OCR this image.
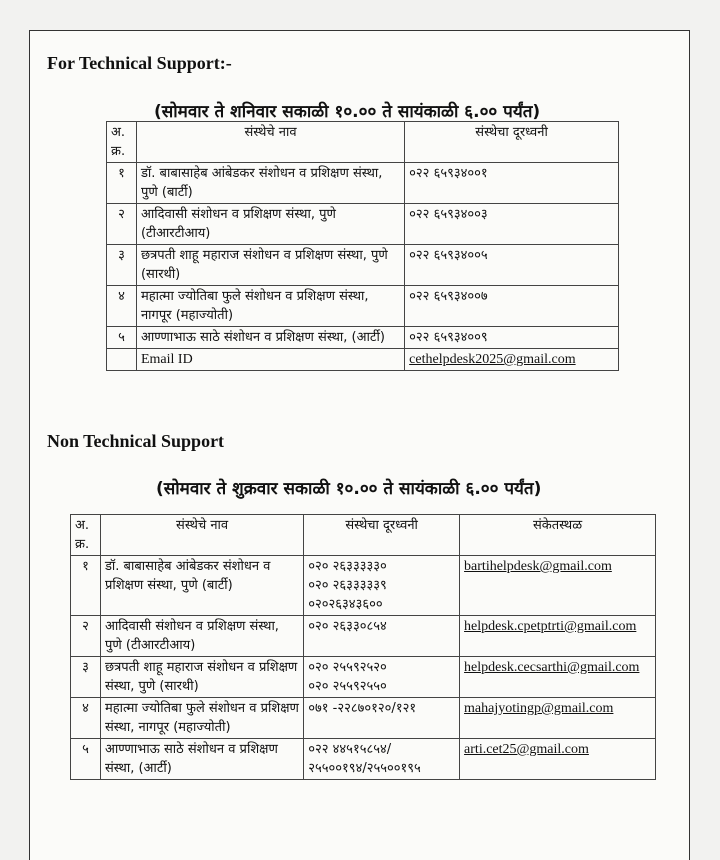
For Technical Support:-
(सोमवार ते शनिवार सकाळी १०.०० ते सायंकाळी ६.०० पर्यंत)
अ. क्र.	संस्थेचे नाव	संस्थेचा दूरध्वनी
१	डॉ. बाबासाहेब आंबेडकर संशोधन व प्रशिक्षण संस्था, पुणे (बार्टी)	०२२ ६५९३४००१
२	आदिवासी संशोधन व प्रशिक्षण संस्था, पुणे (टीआरटीआय)	०२२ ६५९३४००३
३	छत्रपती शाहू महाराज संशोधन व प्रशिक्षण संस्था, पुणे (सारथी)	०२२ ६५९३४००५
४	महात्मा ज्योतिबा फुले संशोधन व प्रशिक्षण संस्था, नागपूर (महाज्योती)	०२२ ६५९३४००७
५	आण्णाभाऊ साठे संशोधन व प्रशिक्षण संस्था, (आर्टी)	०२२ ६५९३४००९
	Email ID	cethelpdesk2025@gmail.com
Non Technical Support
(सोमवार ते शुक्रवार सकाळी १०.०० ते सायंकाळी ६.०० पर्यंत)
अ. क्र.	संस्थेचे नाव	संस्थेचा दूरध्वनी	संकेतस्थळ
१	डॉ. बाबासाहेब आंबेडकर संशोधन व प्रशिक्षण संस्था, पुणे (बार्टी)	०२० २६३३३३३०
०२० २६३३३३३९
०२०२६३४३६००	bartihelpdesk@gmail.com
२	आदिवासी संशोधन व प्रशिक्षण संस्था, पुणे (टीआरटीआय)	०२० २६३३०८५४	helpdesk.cpetptrti@gmail.com
३	छत्रपती शाहू महाराज संशोधन व प्रशिक्षण संस्था, पुणे (सारथी)	०२० २५५९२५२०
०२० २५५९२५५०	helpdesk.cecsarthi@gmail.com
४	महात्मा ज्योतिबा फुले संशोधन व प्रशिक्षण संस्था, नागपूर (महाज्योती)	०७१ -२२८७०१२०/१२१	mahajyotingp@gmail.com
५	आण्णाभाऊ साठे संशोधन व प्रशिक्षण संस्था, (आर्टी)	०२२ ४४५१५८५४/
२५५००१९४/२५५००१९५	arti.cet25@gmail.com
